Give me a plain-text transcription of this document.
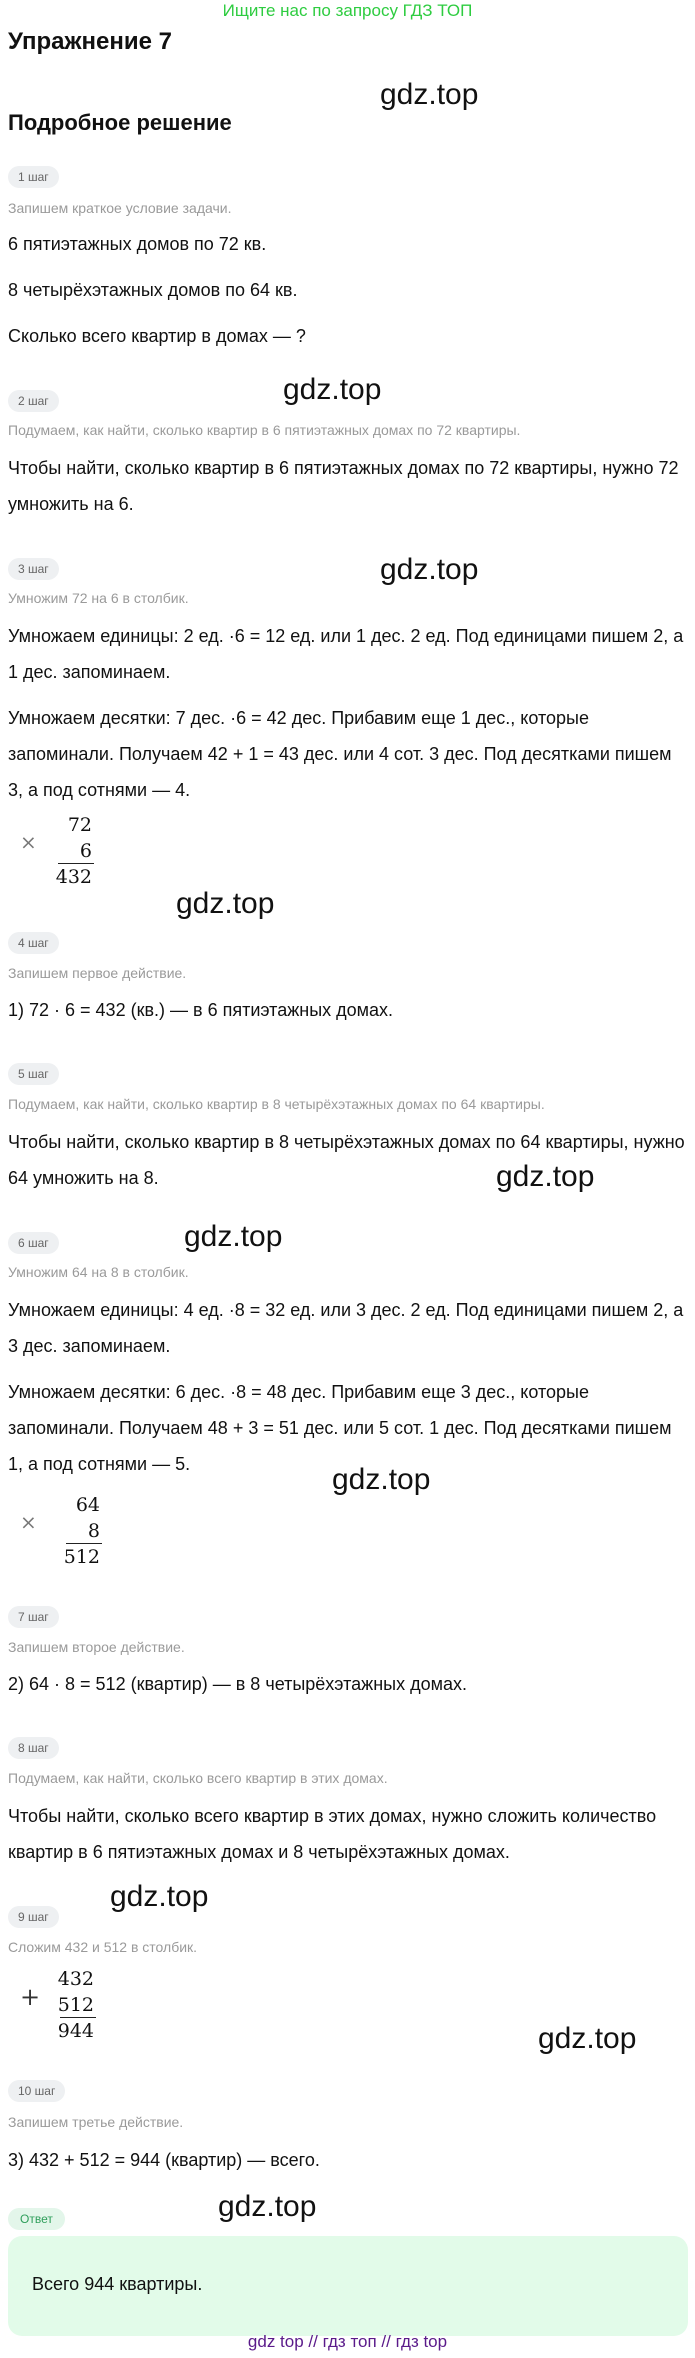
Ищите нас по запросу ГДЗ ТОП
Упражнение 7
gdz.top
Подробное решение
1 шаг
Запишем краткое условие задачи.
6 пятиэтажных домов по 72 кв.
8 четырёхэтажных домов по 64 кв.
Сколько всего квартир в домах — ?
gdz.top
2 шаг
Подумаем, как найти, сколько квартир в 6 пятиэтажных домах по 72 квартиры.
Чтобы найти, сколько квартир в 6 пятиэтажных домах по 72 квартиры, нужно 72 умножить на 6.
gdz.top
3 шаг
Умножим 72 на 6 в столбик.
Умножаем единицы: 2 ед. ·6 = 12 ед. или 1 дес. 2 ед. Под единицами пишем 2, а 1 дес. запоминаем.
Умножаем десятки: 7 дес. ·6 = 42 дес. Прибавим еще 1 дес., которые запоминали. Получаем 42 + 1 = 43 дес. или 4 сот. 3 дес. Под десятками пишем 3, а под сотнями — 4.
×
72
6
432
gdz.top
4 шаг
Запишем первое действие.
1) 72 · 6 = 432 (кв.) — в 6 пятиэтажных домах.
5 шаг
Подумаем, как найти, сколько квартир в 8 четырёхэтажных домах по 64 квартиры.
Чтобы найти, сколько квартир в 8 четырёхэтажных домах по 64 квартиры, нужно 64 умножить на 8.	gdz.top
gdz.top
6 шаг
Умножим 64 на 8 в столбик.
Умножаем единицы: 4 ед. ·8 = 32 ед. или 3 дес. 2 ед. Под единицами пишем 2, а 3 дес. запоминаем.
Умножаем десятки: 6 дес. ·8 = 48 дес. Прибавим еще 3 дес., которые запоминали. Получаем 48 + 3 = 51 дес. или 5 сот. 1 дес. Под десятками пишем 1, а под сотнями — 5.	gdz.top
×
64
8
512
7 шаг
Запишем второе действие.
2) 64 · 8 = 512 (квартир) — в 8 четырёхэтажных домах.
8 шаг
Подумаем, как найти, сколько всего квартир в этих домах.
Чтобы найти, сколько всего квартир в этих домах, нужно сложить количество квартир в 6 пятиэтажных домах и 8 четырёхэтажных домах.
gdz.top
9 шаг
Сложим 432 и 512 в столбик.
+
432
512
944	gdz.top
10 шаг
Запишем третье действие.
3) 432 + 512 = 944 (квартир) — всего.
gdz.top
Ответ
Всего 944 квартиры.
gdz top // гдз топ // гдз top
